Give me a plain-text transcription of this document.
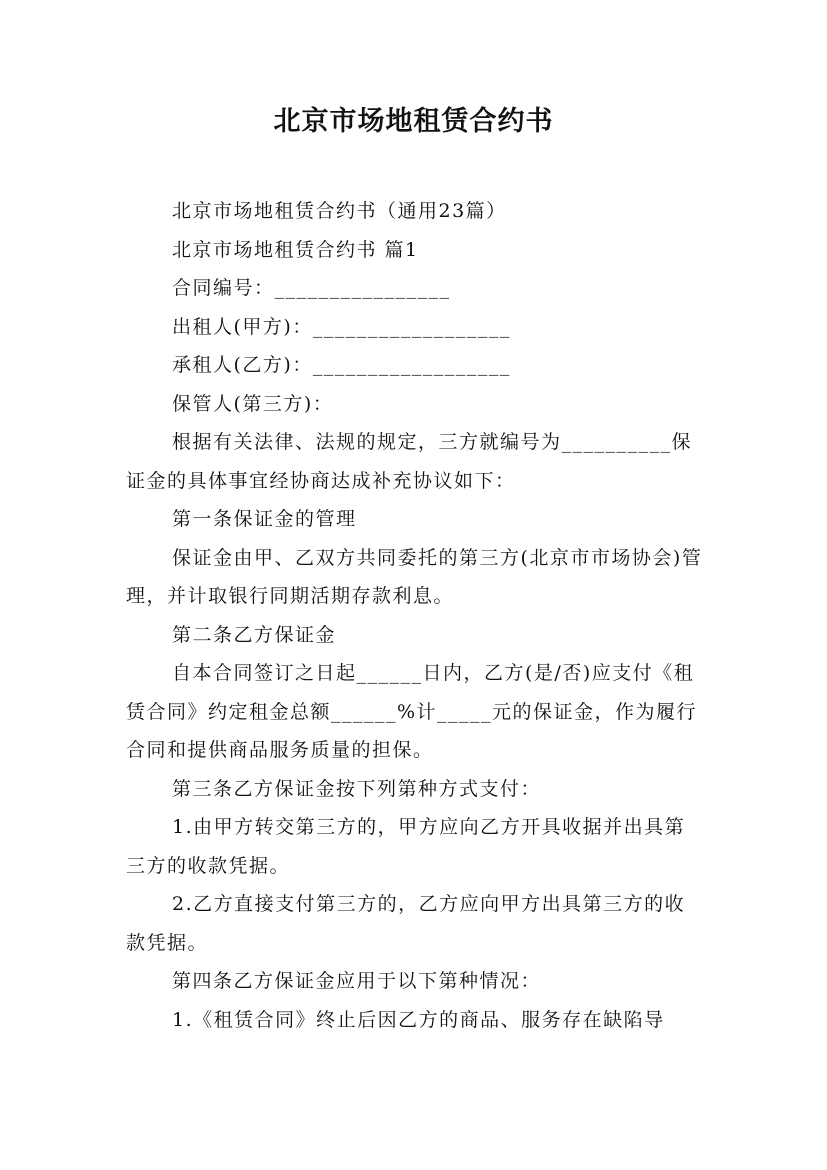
北京市场地租赁合约书

北京市场地租赁合约书（通用23篇）

北京市场地租赁合约书 篇1

合同编号：________________

出租人(甲方)：__________________

承租人(乙方)：__________________

保管人(第三方)：

根据有关法律、法规的规定，三方就编号为__________保证金的具体事宜经协商达成补充协议如下：

第一条保证金的管理

保证金由甲、乙双方共同委托的第三方(北京市市场协会)管理，并计取银行同期活期存款利息。

第二条乙方保证金

自本合同签订之日起______日内，乙方(是/否)应支付《租赁合同》约定租金总额______%计_____元的保证金，作为履行合同和提供商品服务质量的担保。

第三条乙方保证金按下列第种方式支付：

1.由甲方转交第三方的，甲方应向乙方开具收据并出具第三方的收款凭据。

2.乙方直接支付第三方的，乙方应向甲方出具第三方的收款凭据。

第四条乙方保证金应用于以下第种情况：

1.《租赁合同》终止后因乙方的商品、服务存在缺陷导
